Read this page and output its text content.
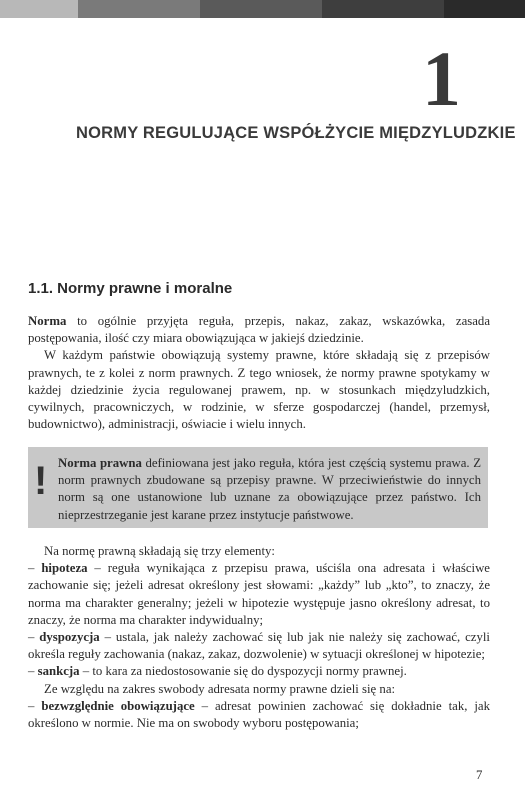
1
NORMY REGULUJĄCE WSPÓŁŻYCIE MIĘDZYLUDZKIE
1.1. Normy prawne i moralne

Norma to ogólnie przyjęta reguła, przepis, nakaz, zakaz, wskazówka, zasada postępowania, ilość czy miara obowiązująca w jakiejś dziedzinie.

W każdym państwie obowiązują systemy prawne, które składają się z przepisów prawnych, te z kolei z norm prawnych. Z tego wniosek, że normy prawne spotykamy w każdej dziedzinie życia regulowanej prawem, np. w stosunkach międzyludzkich, cywilnych, pracowniczych, w rodzinie, w sferze gospodarczej (handel, przemysł, budownictwo), administracji, oświacie i wielu innych.

! Norma prawna definiowana jest jako reguła, która jest częścią systemu prawa. Z norm prawnych zbudowane są przepisy prawne. W przeciwieństwie do innych norm są one ustanowione lub uznane za obowiązujące przez państwo. Ich nieprzestrzeganie jest karane przez instytucje państwowe.

Na normę prawną składają się trzy elementy:

– hipoteza – reguła wynikająca z przepisu prawa, uściśla ona adresata i właściwe zachowanie się; jeżeli adresat określony jest słowami: „każdy” lub „kto”, to znaczy, że norma ma charakter generalny; jeżeli w hipotezie występuje jasno określony adresat, to znaczy, że norma ma charakter indywidualny;

– dyspozycja – ustala, jak należy zachować się lub jak nie należy się zachować, czyli określa reguły zachowania (nakaz, zakaz, dozwolenie) w sytuacji określonej w hipotezie;

– sankcja – to kara za niedostosowanie się do dyspozycji normy prawnej.

Ze względu na zakres swobody adresata normy prawne dzieli się na:

– bezwzględnie obowiązujące – adresat powinien zachować się dokładnie tak, jak określono w normie. Nie ma on swobody wyboru postępowania;

7
